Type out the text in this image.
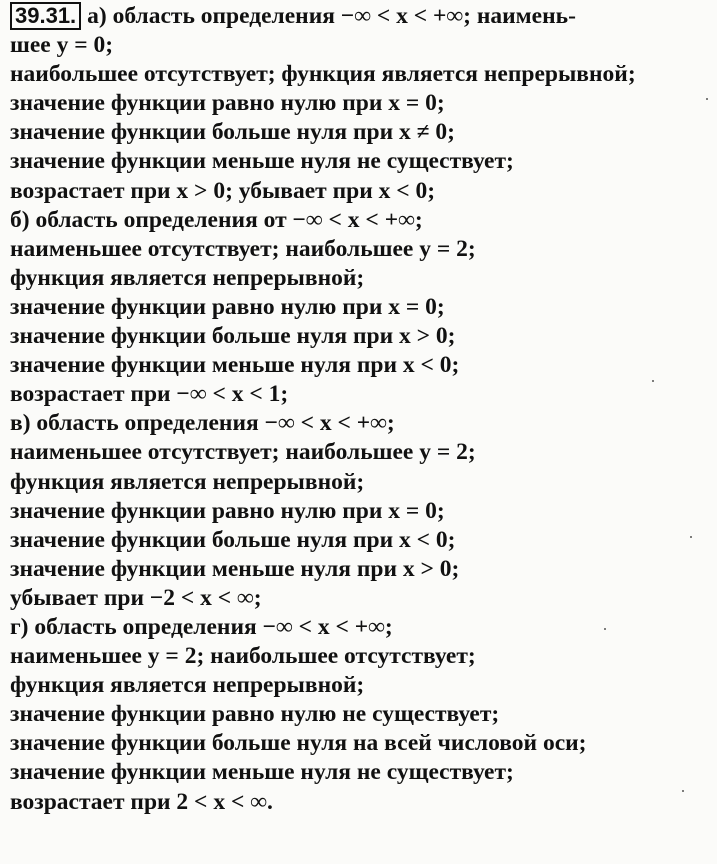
39.31. а) область определения −∞ < x < +∞; наимень-
шее y = 0;
наибольшее отсутствует; функция является непрерывной;
значение функции равно нулю при x = 0;
значение функции больше нуля при x ≠ 0;
значение функции меньше нуля не существует;
возрастает при x > 0; убывает при x < 0;
б) область определения от −∞ < x < +∞;
наименьшее отсутствует; наибольшее y = 2;
функция является непрерывной;
значение функции равно нулю при x = 0;
значение функции больше нуля при x > 0;
значение функции меньше нуля при x < 0;
возрастает при −∞ < x < 1;
в) область определения −∞ < x < +∞;
наименьшее отсутствует; наибольшее y = 2;
функция является непрерывной;
значение функции равно нулю при x = 0;
значение функции больше нуля при x < 0;
значение функции меньше нуля при x > 0;
убывает при −2 < x < ∞;
г) область определения −∞ < x < +∞;
наименьшее y = 2; наибольшее отсутствует;
функция является непрерывной;
значение функции равно нулю не существует;
значение функции больше нуля на всей числовой оси;
значение функции меньше нуля не существует;
возрастает при 2 < x < ∞.
